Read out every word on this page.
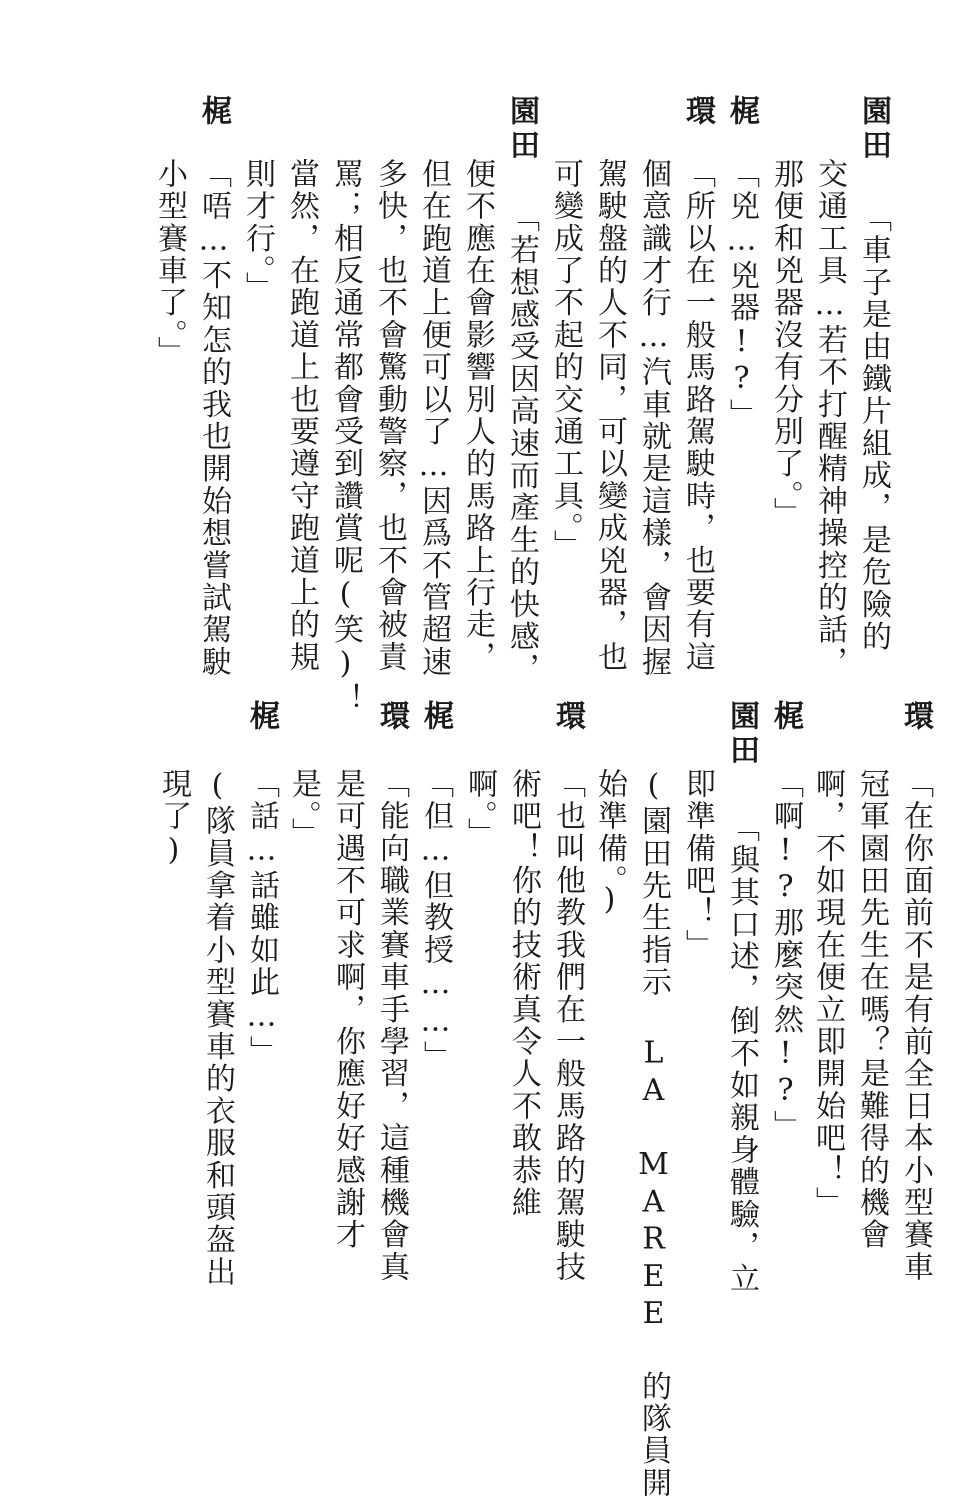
園田
「車子是由鐵片組成，是危險的
交通工具…若不打醒精神操控的話，
那便和兇器沒有分別了。」
梶
「兇…兇器!?」
環
「所以在一般馬路駕駛時，也要有這
個意識才行…汽車就是這樣，會因握
駕駛盤的人不同，可以變成兇器，也
可變成了不起的交通工具。」
園田
「若想感受因高速而產生的快感，
便不應在會影響別人的馬路上行走，
但在跑道上便可以了…因爲不管超速
多快，也不會驚動警察，也不會被責
罵；相反通常都會受到讚賞呢(笑)！
當然，在跑道上也要遵守跑道上的規
則才行。」
梶
「唔…不知怎的我也開始想嘗試駕駛
小型賽車了。」
環
「在你面前不是有前全日本小型賽車
冠軍園田先生在嗎？是難得的機會
啊，不如現在便立即開始吧！」
梶
「啊!?那麼突然!?」
園田
「與其口述，倒不如親身體驗，立
即準備吧！」
(園田先生指示 LA MAREE 的隊員開
始準備。)
環
「也叫他教我們在一般馬路的駕駛技
術吧！你的技術真令人不敢恭維
啊。」
梶
「但…但教授……」
環
「能向職業賽車手學習，這種機會真
是可遇不可求啊，你應好好感謝才
是。」
梶
「話…話雖如此…」
(隊員拿着小型賽車的衣服和頭盔出
現了)
